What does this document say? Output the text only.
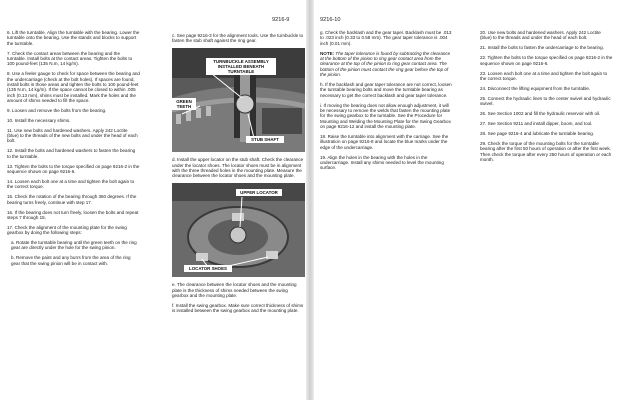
9216-9

6. Lift the turntable. Align the turntable with the bearing. Lower the turntable onto the bearing. Use the stands and blocks to support the turntable.

7. Check the contact areas between the bearing and the turntable. Install bolts at the contact areas. Tighten the bolts to 100 pound-feet (135 N.m, 14 kg/m).

8. Use a feeler gauge to check for space between the bearing and the undercarriage (check at the bolt holes). If spaces are found, install bolts in those areas and tighten the bolts to 100 pound-feet (135 N.m, 14 kg/m). If the space cannot be closed to within .005 inch (0.13 mm), shims must be installed. Mark the holes and the amount of shims needed to fill the space.

9. Loosen and remove the bolts from the bearing.

10. Install the necessary shims.

11. Use new bolts and hardened washers. Apply 242 Loctite (blue) to the threads of the new bolts and under the head of each bolt.

12. Install the bolts and hardened washers to fasten the bearing to the turntable.

13. Tighten the bolts to the torque specified on page 9216-2 in the sequence shown on page 9216-6.

14. Loosen each bolt one at a time and tighten the bolt again to the correct torque.

15. Check the rotation of the bearing through 360 degrees. If the bearing turns freely, continue with step 17.

16. If the bearing does not turn freely, loosen the bolts and repeat steps 7 through 15.

17. Check the alignment of the mounting plate for the swing gearbox by doing the following steps:

a. Rotate the turntable bearing until the green teeth on the ring gear are directly under the hole for the swing pinion.

b. Remove the paint and any burrs from the area of the ring gear that the swing pinion will be in contact with.

c. See page 9216-3 for the alignment tools. Use the turnbuckle to fasten the stub shaft against the ring gear.

TURNBUCKLE ASSEMBLY INSTALLED BENEATH TURNTABLE
GREEN TEETH
STUB SHAFT

d. Install the upper locator on the stub shaft. Check the clearance under the locator shoes. The locator shoes must be in alignment with the three threaded holes in the mounting plate. Measure the clearance between the locator shoes and the mounting plate.

UPPER LOCATOR
LOCATOR SHOES

e. The clearance between the locator shoes and the mounting plate is the thickness of shims needed between the swing gearbox and the mounting plate.

f. Install the swing gearbox. Make sure correct thickness of shims is installed between the swing gearbox and the mounting plate.

9216-10

g. Check the backlash and the gear taper. Backlash must be .013 to .023 inch (0.33 to 0.58 mm). The gear taper tolerance is .004 inch (0.01 mm).

NOTE: The taper tolerance is found by subtracting the clearance at the bottom of the pinion to ring gear contact area from the clearance at the top of the pinion to ring gear contact area. The bottom of the pinion must contact the ring gear before the top of the pinion.

h. If the backlash and gear taper tolerance are not correct, loosen the turntable bearing bolts and move the turntable bearing as necessary to get the correct backlash and gear taper tolerance.

i. If moving the bearing does not allow enough adjustment, it will be necessary to remove the welds that fasten the mounting plate for the swing gearbox to the turntable. See the Procedure for Mounting and Welding the Mounting Plate for the Swing Gearbox on page 9216-12 and install the mounting plate.

18. Raise the turntable into alignment with the carriage. See the illustration on page 9216-8 and locate the blue marks under the edge of the undercarriage.

19. Align the holes in the bearing with the holes in the undercarriage. Install any shims needed to level the mounting surface.

20. Use new bolts and hardened washers. Apply 242 Loctite (blue) to the threads and under the head of each bolt.

21. Install the bolts to fasten the undercarriage to the bearing.

22. Tighten the bolts to the torque specified on page 9216-2 in the sequence shown on page 9216-6.

23. Loosen each bolt one at a time and tighten the bolt again to the correct torque.

24. Disconnect the lifting equipment from the turntable.

25. Connect the hydraulic lines to the center swivel and hydraulic swivel.

26. See Section 1002 and fill the hydraulic reservoir with oil.

27. See Section 9211 and install dipper, boom, and tool.

28. See page 9216-4 and lubricate the turntable bearing.

29. Check the torque of the mounting bolts for the turntable bearing after the first 50 hours of operation or after the first week. Then check the torque after every 250 hours of operation or each month.
